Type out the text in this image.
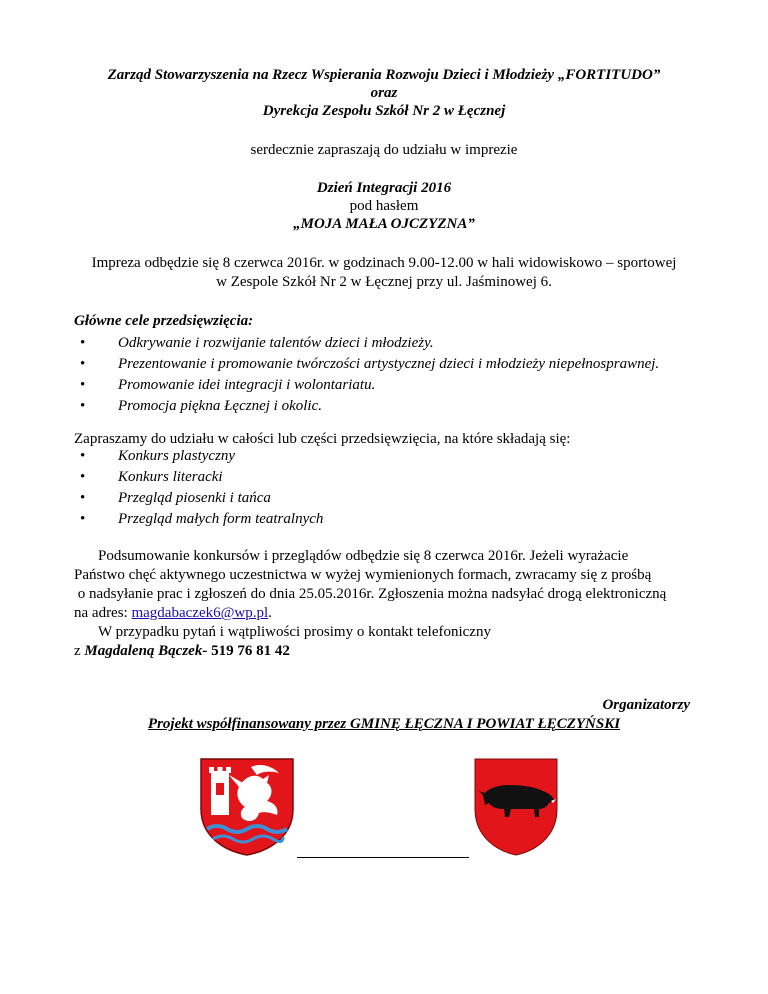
Zarząd Stowarzyszenia na Rzecz Wspierania Rozwoju Dzieci i Młodzieży „FORTITUDO”
oraz
Dyrekcja Zespołu Szkół Nr 2 w Łęcznej
serdecznie zapraszają do udziału w imprezie
Dzień Integracji 2016
pod hasłem
„MOJA MAŁA OJCZYZNA”
Impreza odbędzie się 8 czerwca 2016r. w godzinach 9.00-12.00 w hali widowiskowo – sportowej
w Zespole Szkół Nr 2 w Łęcznej przy ul. Jaśminowej 6.
Główne cele przedsięwzięcia:
• Odkrywanie i rozwijanie talentów dzieci i młodzieży.
• Prezentowanie i promowanie twórczości artystycznej dzieci i młodzieży niepełnosprawnej.
• Promowanie idei integracji i wolontariatu.
• Promocja piękna Łęcznej i okolic.
Zapraszamy do udziału w całości lub części przedsięwzięcia, na które składają się:
• Konkurs plastyczny
• Konkurs literacki
• Przegląd piosenki i tańca
• Przegląd małych form teatralnych
Podsumowanie konkursów i przeglądów odbędzie się 8 czerwca 2016r. Jeżeli wyrażacie
Państwo chęć aktywnego uczestnictwa w wyżej wymienionych formach, zwracamy się z prośbą
o nadsyłanie prac i zgłoszeń do dnia 25.05.2016r. Zgłoszenia można nadsyłać drogą elektroniczną
na adres: magdabaczek6@wp.pl.
W przypadku pytań i wątpliwości prosimy o kontakt telefoniczny
z Magdaleną Bączek- 519 76 81 42
Organizatorzy
Projekt współfinansowany przez GMINĘ ŁĘCZNA I POWIAT ŁĘCZYŃSKI
